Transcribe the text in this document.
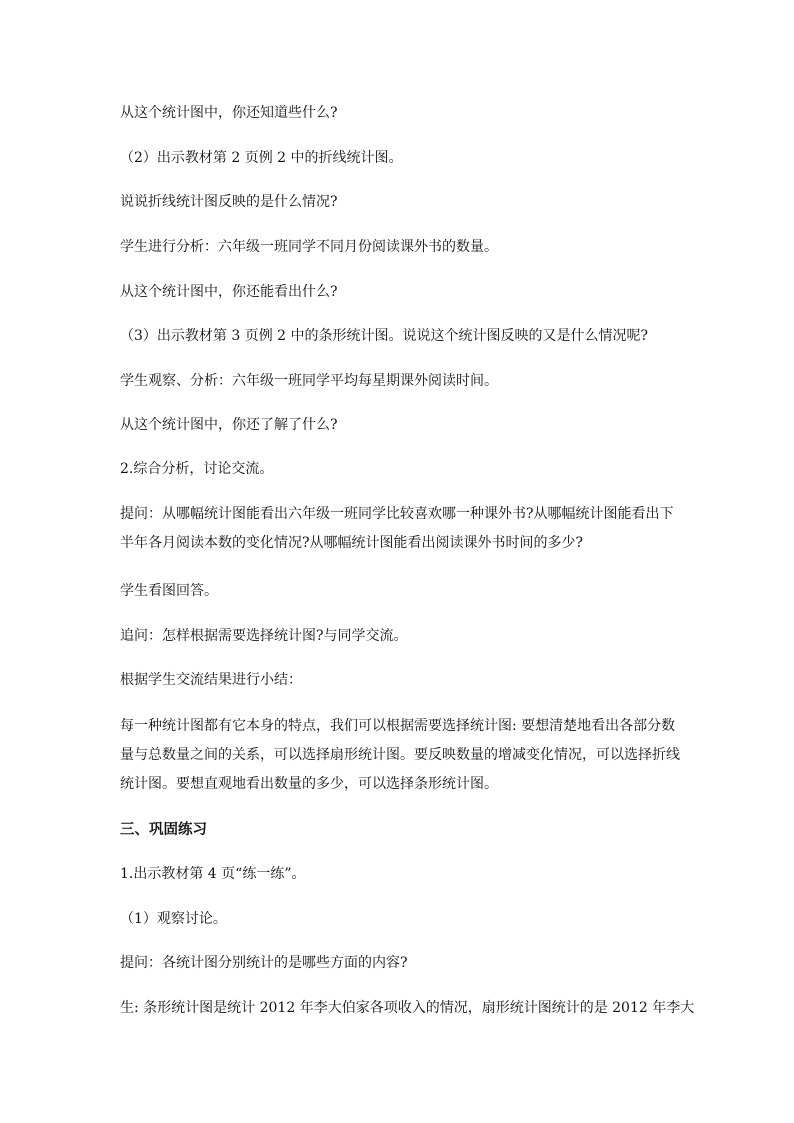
从这个统计图中，你还知道些什么?

（2）出示教材第 2 页例 2 中的折线统计图。

说说折线统计图反映的是什么情况?

学生进行分析：六年级一班同学不同月份阅读课外书的数量。

从这个统计图中，你还能看出什么?

（3）出示教材第 3 页例 2 中的条形统计图。说说这个统计图反映的又是什么情况呢?

学生观察、分析：六年级一班同学平均每星期课外阅读时间。

从这个统计图中，你还了解了什么?

2.综合分析，讨论交流。

提问：从哪幅统计图能看出六年级一班同学比较喜欢哪一种课外书?从哪幅统计图能看出下
半年各月阅读本数的变化情况?从哪幅统计图能看出阅读课外书时间的多少?

学生看图回答。

追问：怎样根据需要选择统计图?与同学交流。

根据学生交流结果进行小结：

每一种统计图都有它本身的特点，我们可以根据需要选择统计图: 要想清楚地看出各部分数
量与总数量之间的关系，可以选择扇形统计图。要反映数量的增减变化情况，可以选择折线
统计图。要想直观地看出数量的多少，可以选择条形统计图。

三、巩固练习

1.出示教材第 4 页“练一练”。

（1）观察讨论。

提问：各统计图分别统计的是哪些方面的内容?

生: 条形统计图是统计 2012 年李大伯家各项收入的情况，扇形统计图统计的是 2012 年李大
